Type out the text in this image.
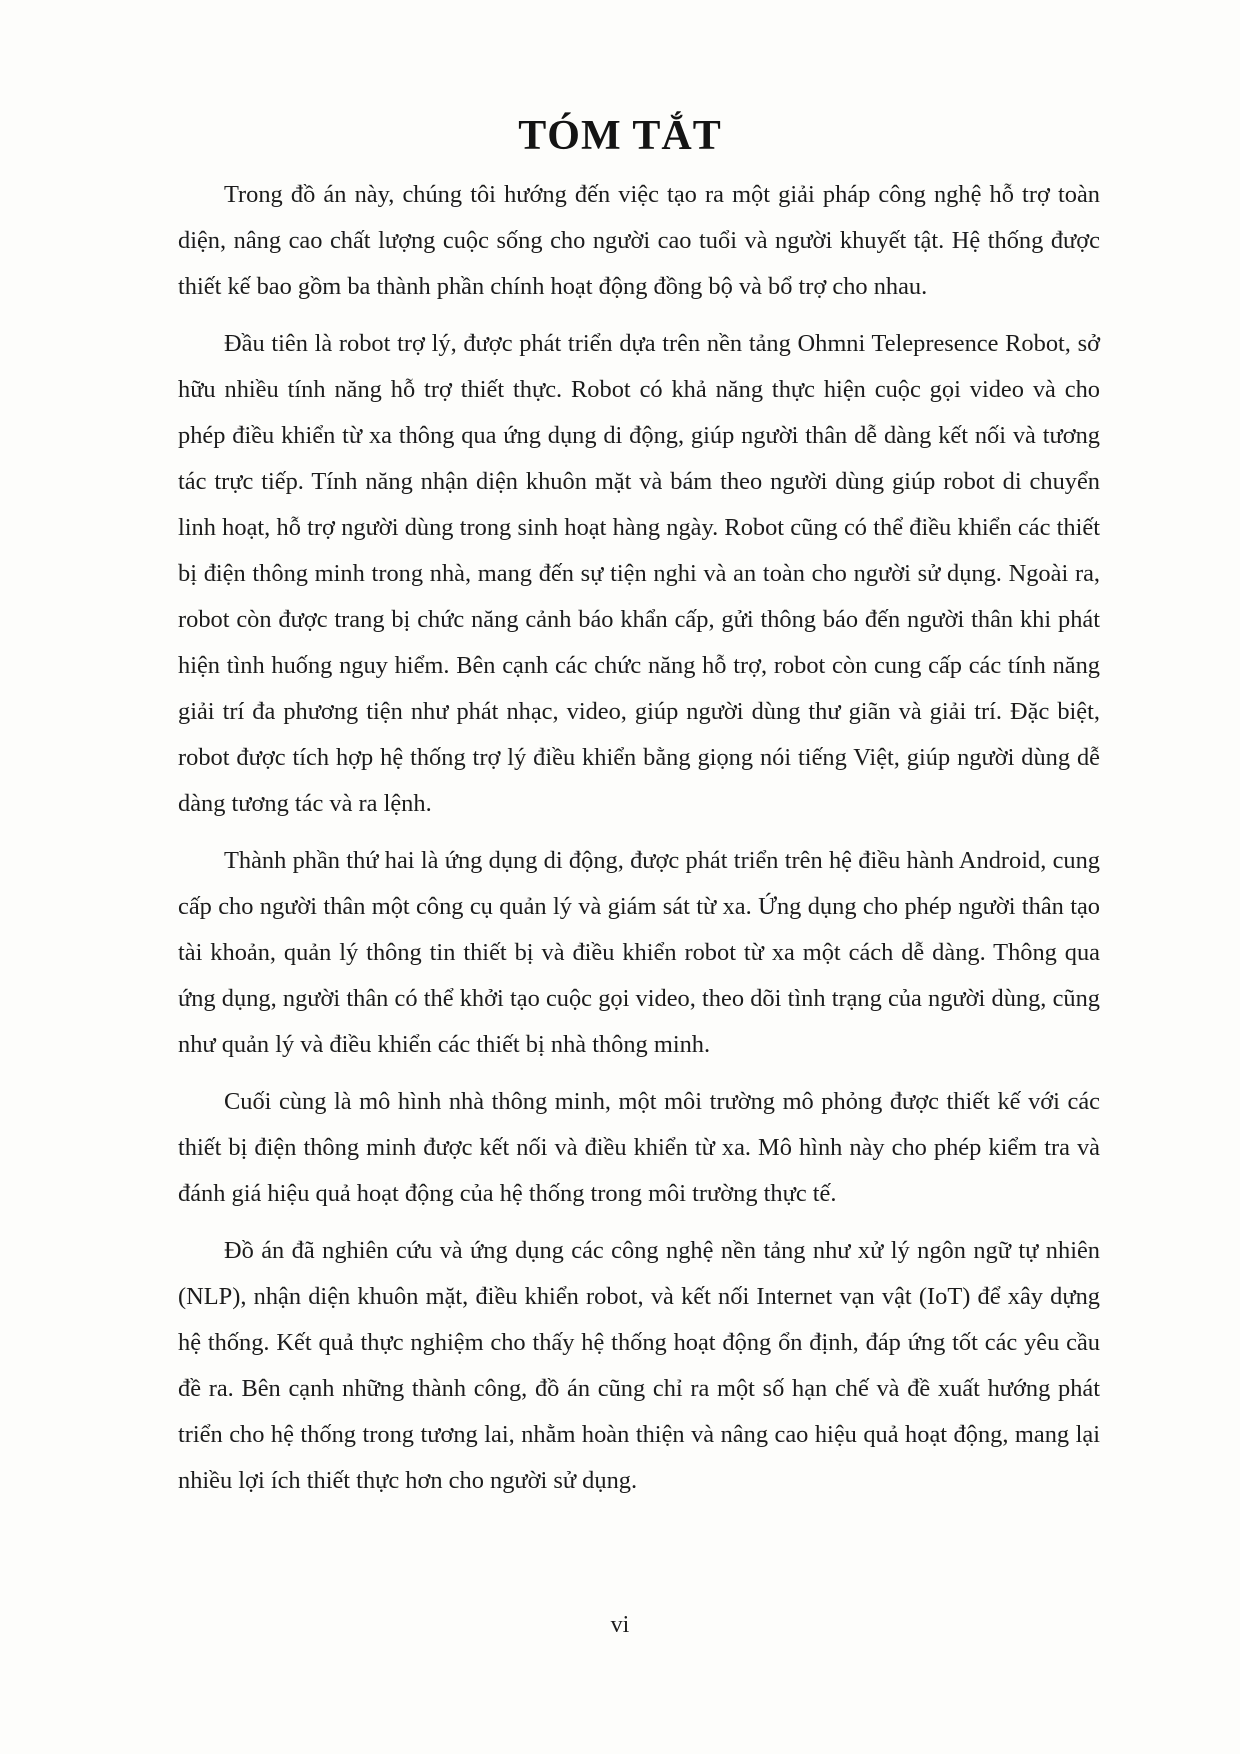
TÓM TẮT

Trong đồ án này, chúng tôi hướng đến việc tạo ra một giải pháp công nghệ hỗ trợ toàn diện, nâng cao chất lượng cuộc sống cho người cao tuổi và người khuyết tật. Hệ thống được thiết kế bao gồm ba thành phần chính hoạt động đồng bộ và bổ trợ cho nhau.

Đầu tiên là robot trợ lý, được phát triển dựa trên nền tảng Ohmni Telepresence Robot, sở hữu nhiều tính năng hỗ trợ thiết thực. Robot có khả năng thực hiện cuộc gọi video và cho phép điều khiển từ xa thông qua ứng dụng di động, giúp người thân dễ dàng kết nối và tương tác trực tiếp. Tính năng nhận diện khuôn mặt và bám theo người dùng giúp robot di chuyển linh hoạt, hỗ trợ người dùng trong sinh hoạt hàng ngày. Robot cũng có thể điều khiển các thiết bị điện thông minh trong nhà, mang đến sự tiện nghi và an toàn cho người sử dụng. Ngoài ra, robot còn được trang bị chức năng cảnh báo khẩn cấp, gửi thông báo đến người thân khi phát hiện tình huống nguy hiểm. Bên cạnh các chức năng hỗ trợ, robot còn cung cấp các tính năng giải trí đa phương tiện như phát nhạc, video, giúp người dùng thư giãn và giải trí. Đặc biệt, robot được tích hợp hệ thống trợ lý điều khiển bằng giọng nói tiếng Việt, giúp người dùng dễ dàng tương tác và ra lệnh.

Thành phần thứ hai là ứng dụng di động, được phát triển trên hệ điều hành Android, cung cấp cho người thân một công cụ quản lý và giám sát từ xa. Ứng dụng cho phép người thân tạo tài khoản, quản lý thông tin thiết bị và điều khiển robot từ xa một cách dễ dàng. Thông qua ứng dụng, người thân có thể khởi tạo cuộc gọi video, theo dõi tình trạng của người dùng, cũng như quản lý và điều khiển các thiết bị nhà thông minh.

Cuối cùng là mô hình nhà thông minh, một môi trường mô phỏng được thiết kế với các thiết bị điện thông minh được kết nối và điều khiển từ xa. Mô hình này cho phép kiểm tra và đánh giá hiệu quả hoạt động của hệ thống trong môi trường thực tế.

Đồ án đã nghiên cứu và ứng dụng các công nghệ nền tảng như xử lý ngôn ngữ tự nhiên (NLP), nhận diện khuôn mặt, điều khiển robot, và kết nối Internet vạn vật (IoT) để xây dựng hệ thống. Kết quả thực nghiệm cho thấy hệ thống hoạt động ổn định, đáp ứng tốt các yêu cầu đề ra. Bên cạnh những thành công, đồ án cũng chỉ ra một số hạn chế và đề xuất hướng phát triển cho hệ thống trong tương lai, nhằm hoàn thiện và nâng cao hiệu quả hoạt động, mang lại nhiều lợi ích thiết thực hơn cho người sử dụng.

vi
